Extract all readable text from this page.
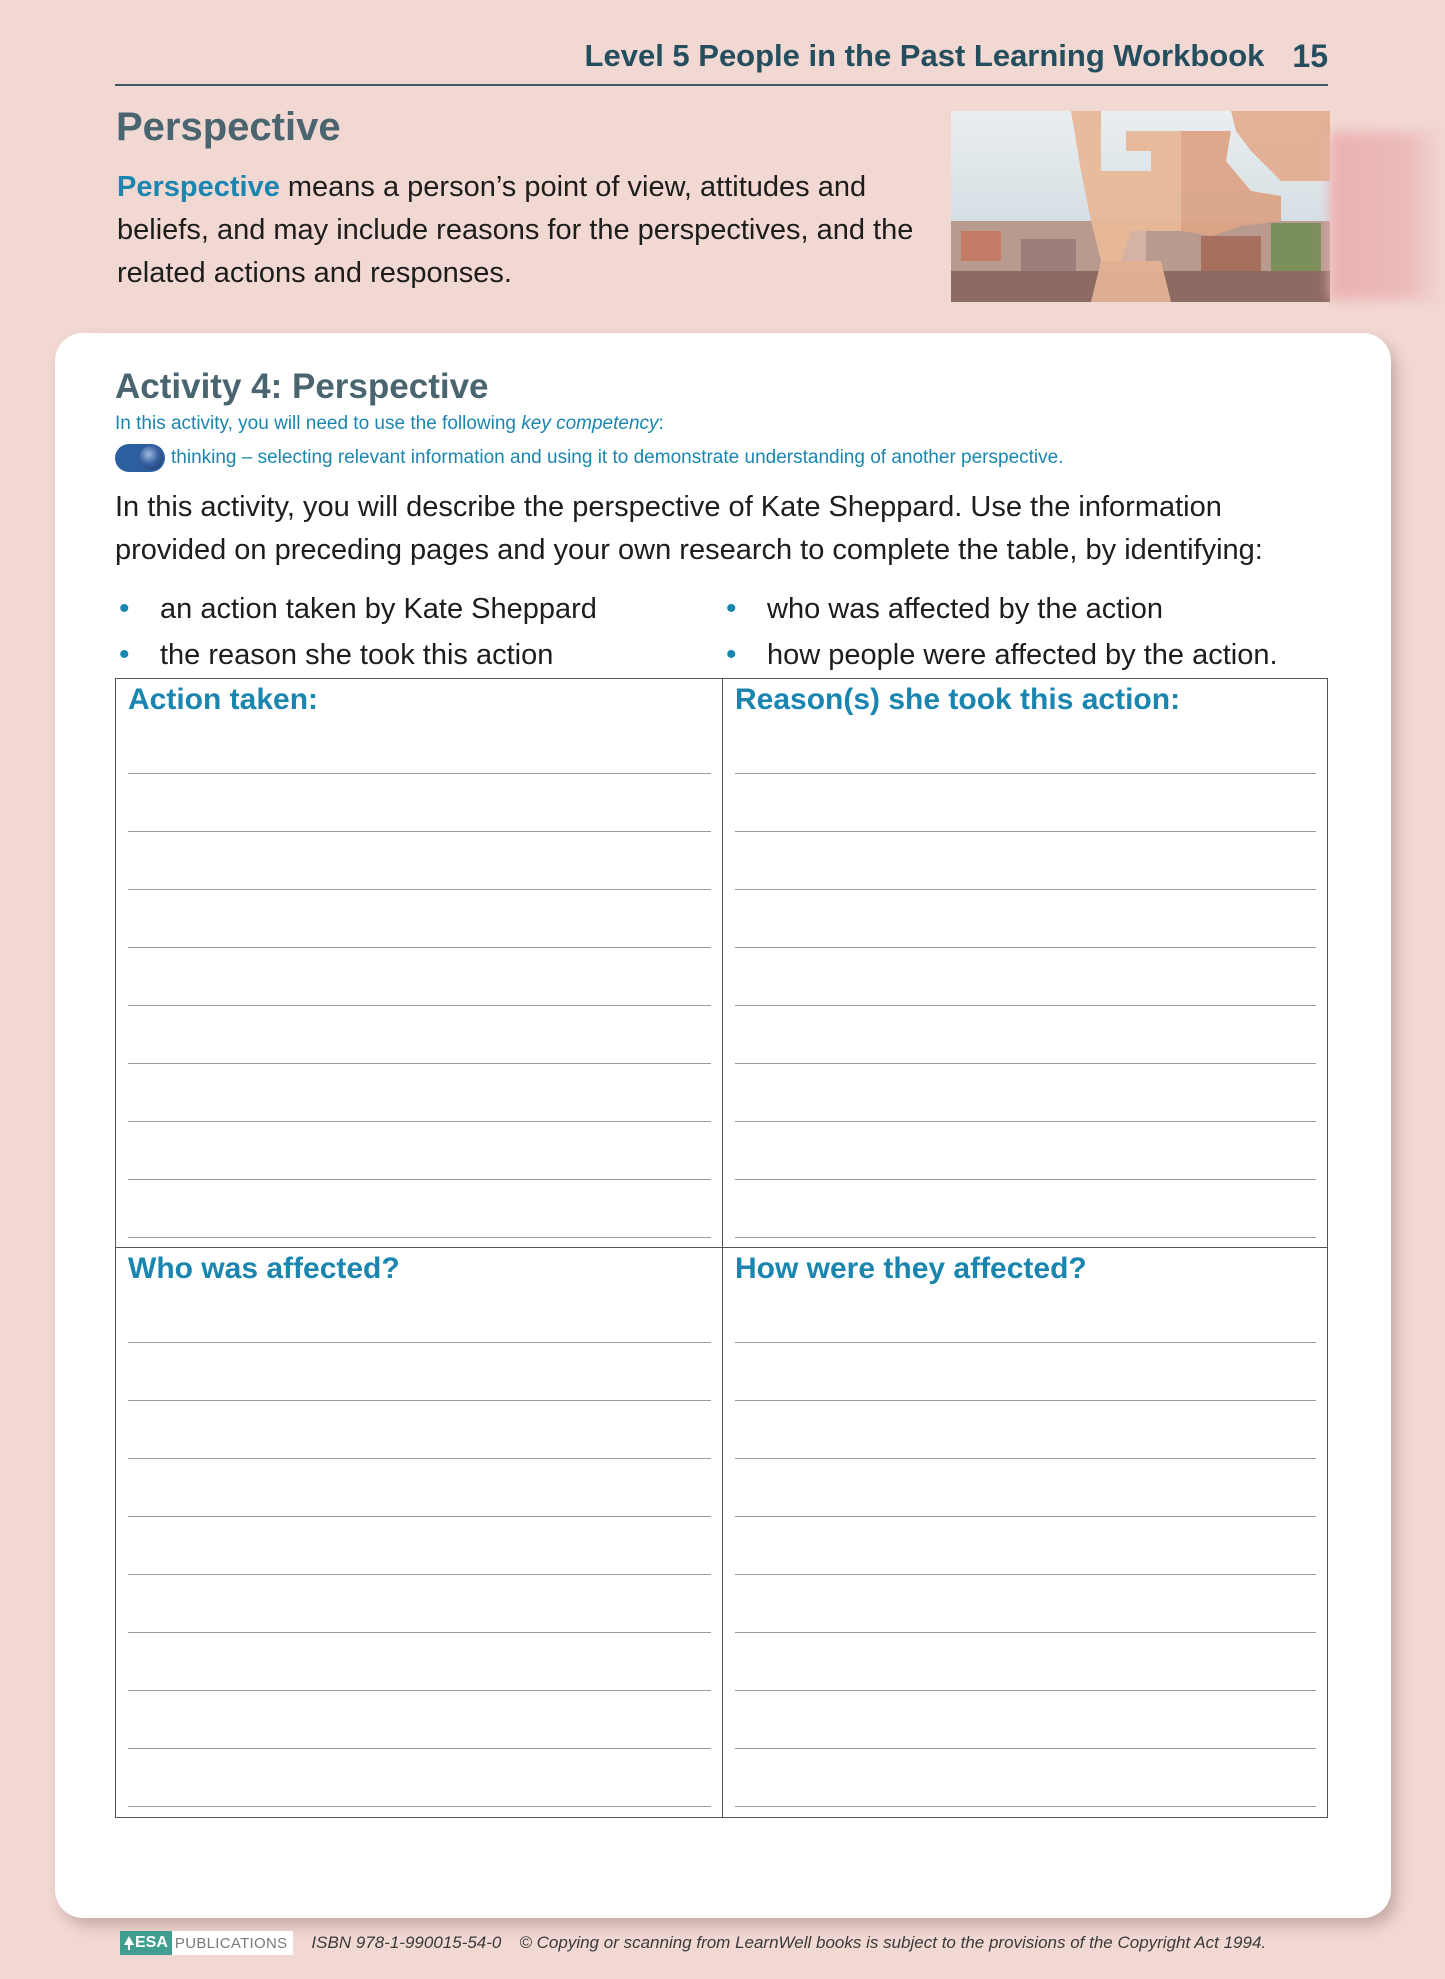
Level 5 People in the Past Learning Workbook 15
Perspective
Perspective means a person’s point of view, attitudes and beliefs, and may include reasons for the perspectives, and the related actions and responses.
Activity 4: Perspective
In this activity, you will need to use the following key competency:
thinking – selecting relevant information and using it to demonstrate understanding of another perspective.
In this activity, you will describe the perspective of Kate Sheppard. Use the information provided on preceding pages and your own research to complete the table, by identifying:
• an action taken by Kate Sheppard
• the reason she took this action
• who was affected by the action
• how people were affected by the action.
Action taken:	Reason(s) she took this action:
Who was affected?	How were they affected?
ESA PUBLICATIONS ISBN 978-1-990015-54-0 © Copying or scanning from LearnWell books is subject to the provisions of the Copyright Act 1994.
